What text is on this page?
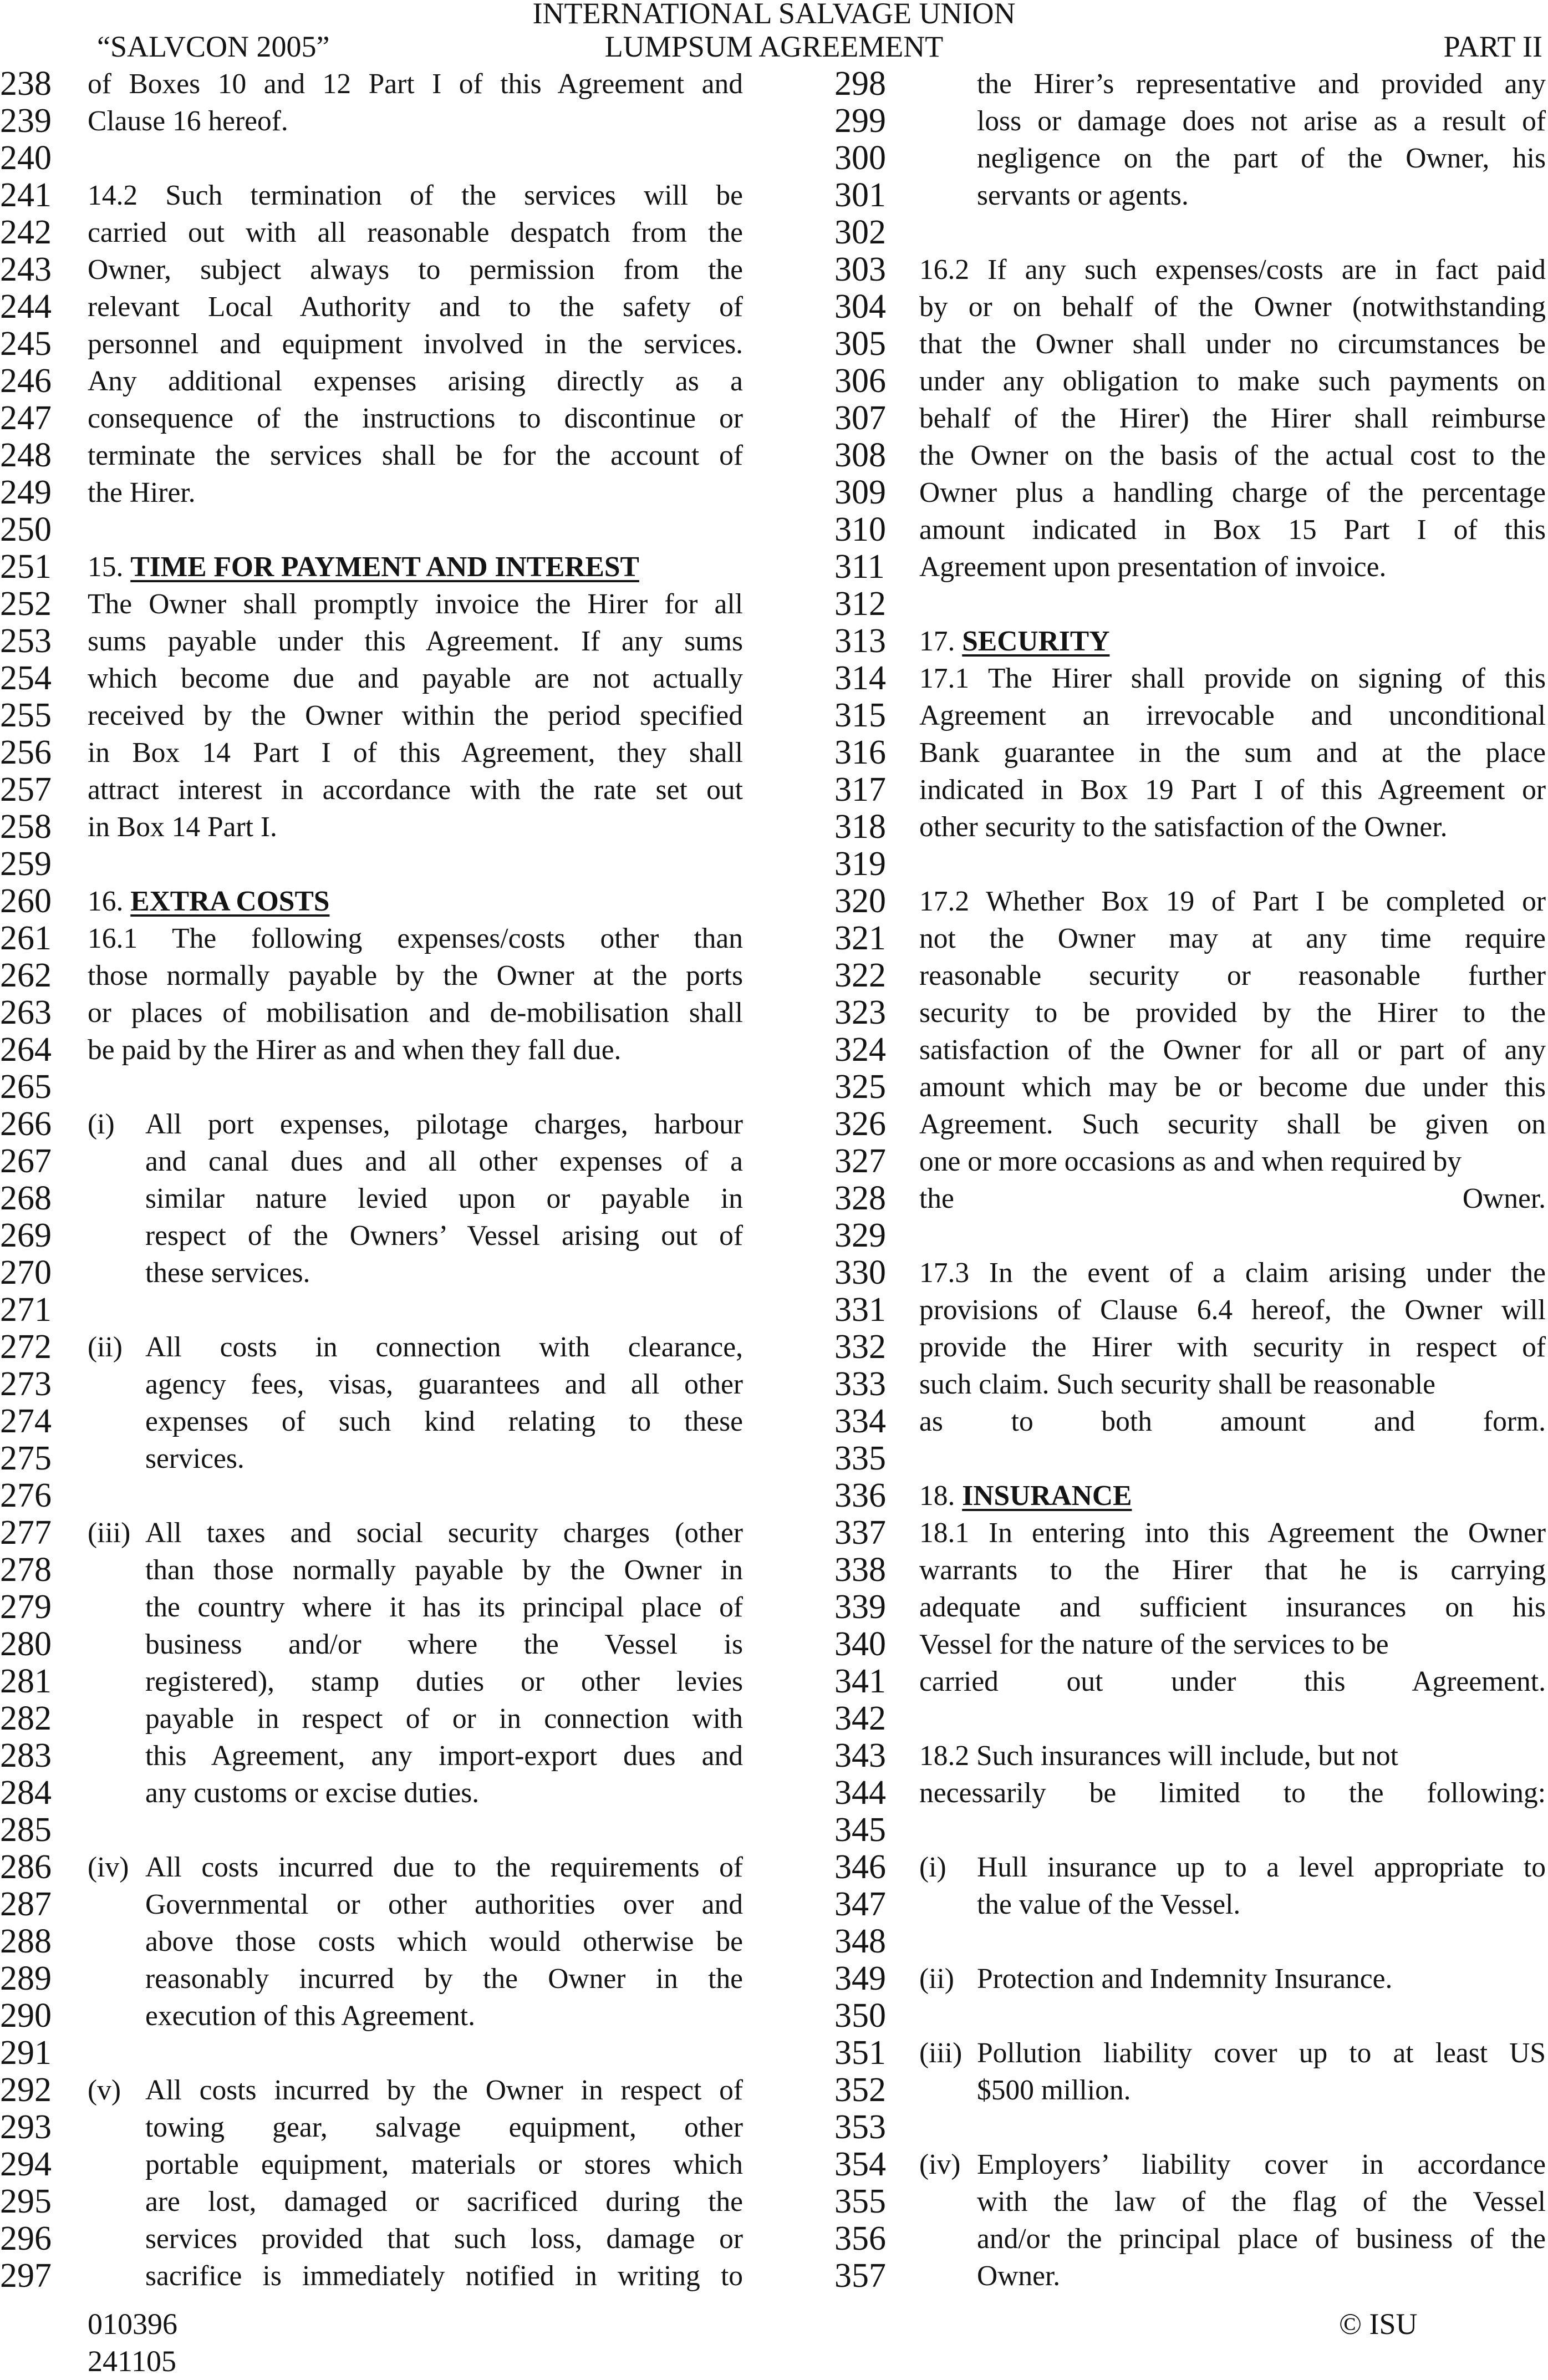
INTERNATIONAL SALVAGE UNION
“SALVCON 2005”	LUMPSUM AGREEMENT	PART II
238
239
240
241
242
243
244
245
246
247
248
249
250
251
252
253
254
255
256
257
258
259
260
261
262
263
264
265
266
267
268
269
270
271
272
273
274
275
276
277
278
279
280
281
282
283
284
285
286
287
288
289
290
291
292
293
294
295
296
297
298
299
300
301
302
303
304
305
306
307
308
309
310
311
312
313
314
315
316
317
318
319
320
321
322
323
324
325
326
327
328
329
330
331
332
333
334
335
336
337
338
339
340
341
342
343
344
345
346
347
348
349
350
351
352
353
354
355
356
357
of Boxes 10 and 12 Part I of this Agreement and
Clause 16 hereof.
14.2 Such termination of the services will be
carried out with all reasonable despatch from the
Owner, subject always to permission from the
relevant Local Authority and to the safety of
personnel and equipment involved in the services.
Any additional expenses arising directly as a
consequence of the instructions to discontinue or
terminate the services shall be for the account of
the Hirer.
The Owner shall promptly invoice the Hirer for all
sums payable under this Agreement. If any sums
which become due and payable are not actually
received by the Owner within the period specified
in Box 14 Part I of this Agreement, they shall
attract interest in accordance with the rate set out
in Box 14 Part I.
16.1 The following expenses/costs other than
those normally payable by the Owner at the ports
or places of mobilisation and de-mobilisation shall
be paid by the Hirer as and when they fall due.
15. TIME FOR PAYMENT AND INTEREST
16. EXTRA COSTS
(i) All port expenses, pilotage charges, harbour
and canal dues and all other expenses of a
similar nature levied upon or payable in
respect of the Owners’ Vessel arising out of
these services.
(ii) All costs in connection with clearance,
agency fees, visas, guarantees and all other
expenses of such kind relating to these
services.
(iii) All taxes and social security charges (other
than those normally payable by the Owner in
the country where it has its principal place of
business and/or where the Vessel is
registered), stamp duties or other levies
payable in respect of or in connection with
this Agreement, any import-export dues and
any customs or excise duties.
(iv) All costs incurred due to the requirements of
Governmental or other authorities over and
above those costs which would otherwise be
reasonably incurred by the Owner in the
execution of this Agreement.
(v) All costs incurred by the Owner in respect of
towing gear, salvage equipment, other
portable equipment, materials or stores which
are lost, damaged or sacrificed during the
services provided that such loss, damage or
sacrifice is immediately notified in writing to
the Hirer’s representative and provided any
loss or damage does not arise as a result of
negligence on the part of the Owner, his
servants or agents.
16.2 If any such expenses/costs are in fact paid
by or on behalf of the Owner (notwithstanding
that the Owner shall under no circumstances be
under any obligation to make such payments on
behalf of the Hirer) the Hirer shall reimburse
the Owner on the basis of the actual cost to the
Owner plus a handling charge of the percentage
amount indicated in Box 15 Part I of this
Agreement upon presentation of invoice.
17.1 The Hirer shall provide on signing of this
Agreement an irrevocable and unconditional
Bank guarantee in the sum and at the place
indicated in Box 19 Part I of this Agreement or
other security to the satisfaction of the Owner.
17.2 Whether Box 19 of Part I be completed or
not the Owner may at any time require
reasonable security or reasonable further
security to be provided by the Hirer to the
satisfaction of the Owner for all or part of any
amount which may be or become due under this
Agreement. Such security shall be given on
one or more occasions as and when required by
the Owner.
17.3 In the event of a claim arising under the
provisions of Clause 6.4 hereof, the Owner will
provide the Hirer with security in respect of
such claim. Such security shall be reasonable
as to both amount and form.
18.1 In entering into this Agreement the Owner
warrants to the Hirer that he is carrying
adequate and sufficient insurances on his
Vessel for the nature of the services to be
carried out under this Agreement.
18.2 Such insurances will include, but not
necessarily be limited to the following:
17. SECURITY
18. INSURANCE
(i) Hull insurance up to a level appropriate to
the value of the Vessel.
(ii) Protection and Indemnity Insurance.
(iii) Pollution liability cover up to at least US
$500 million.
(iv) Employers’ liability cover in accordance
with the law of the flag of the Vessel
and/or the principal place of business of the
Owner.
010396
241105
© ISU
